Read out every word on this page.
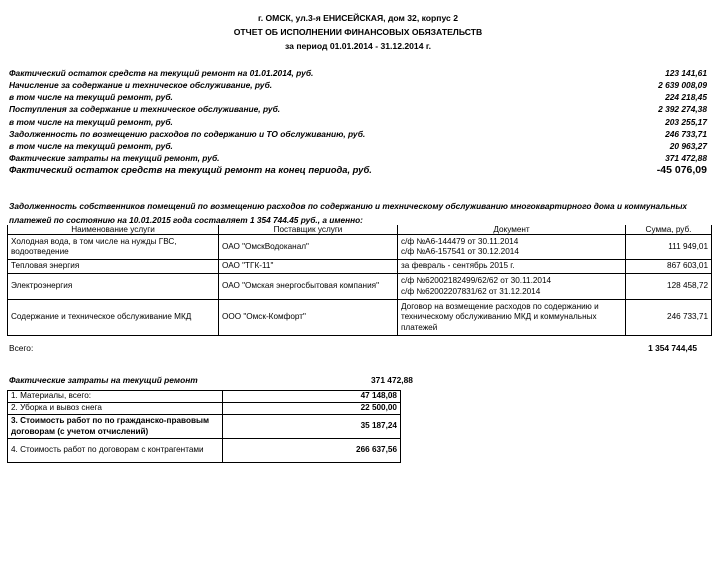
г. ОМСК, ул.3-я ЕНИСЕЙСКАЯ, дом 32, корпус 2
ОТЧЕТ ОБ ИСПОЛНЕНИИ ФИНАНСОВЫХ ОБЯЗАТЕЛЬСТВ
за период 01.01.2014 - 31.12.2014 г.
Фактический остаток средств на текущий ремонт на 01.01.2014, руб.	123 141,61
Начисление за содержание и техническое обслуживание, руб.	2 639 008,09
в том числе на текущий ремонт, руб.	224 218,45
Поступления за содержание и техническое обслуживание, руб.	2 392 274,38
в том числе на текущий ремонт, руб.	203 255,17
Задолженность по возмещению расходов по содержанию и ТО обслуживанию, руб.	246 733,71
в том числе на текущий ремонт, руб.	20 963,27
Фактические затраты на текущий ремонт, руб.	371 472,88
Фактический остаток средств на текущий ремонт на конец периода, руб.	-45 076,09
Задолженность собственников помещений по возмещению расходов по содержанию и техническому обслуживанию многоквартирного дома и коммунальных платежей по состоянию на 10.01.2015 года составляет 1 354 744.45 руб., а именно:
Наименование услуги	Поставщик услуги	Документ	Сумма, руб.
Холодная вода, в том числе на нужды ГВС, водоотведение	ОАО "ОмскВодоканал"	с/ф №А6-144479 от 30.11.2014
с/ф №А6-157541 от 30.12.2014	111 949,01
Тепловая энергия	ОАО "ТГК-11"	за февраль - сентябрь 2015 г.	867 603,01
Электроэнергия	ОАО "Омская энергосбытовая компания"	с/ф №62002182499/62/62 от 30.11.2014
с/ф №62002207831/62 от 31.12.2014	128 458,72
Содержание и техническое обслуживание МКД	ООО "Омск-Комфорт"	Договор на возмещение расходов по содержанию и техническому обслуживанию МКД и коммунальных платежей	246 733,71
Всего:	1 354 744,45
Фактические затраты на текущий ремонт	371 472,88
1. Материалы, всего:	47 148,08
2. Уборка и вывоз снега	22 500,00
3. Стоимость работ по по гражданско-правовым договорам (с учетом отчислений)	35 187,24
4. Стоимость работ по договорам с контрагентами	266 637,56
